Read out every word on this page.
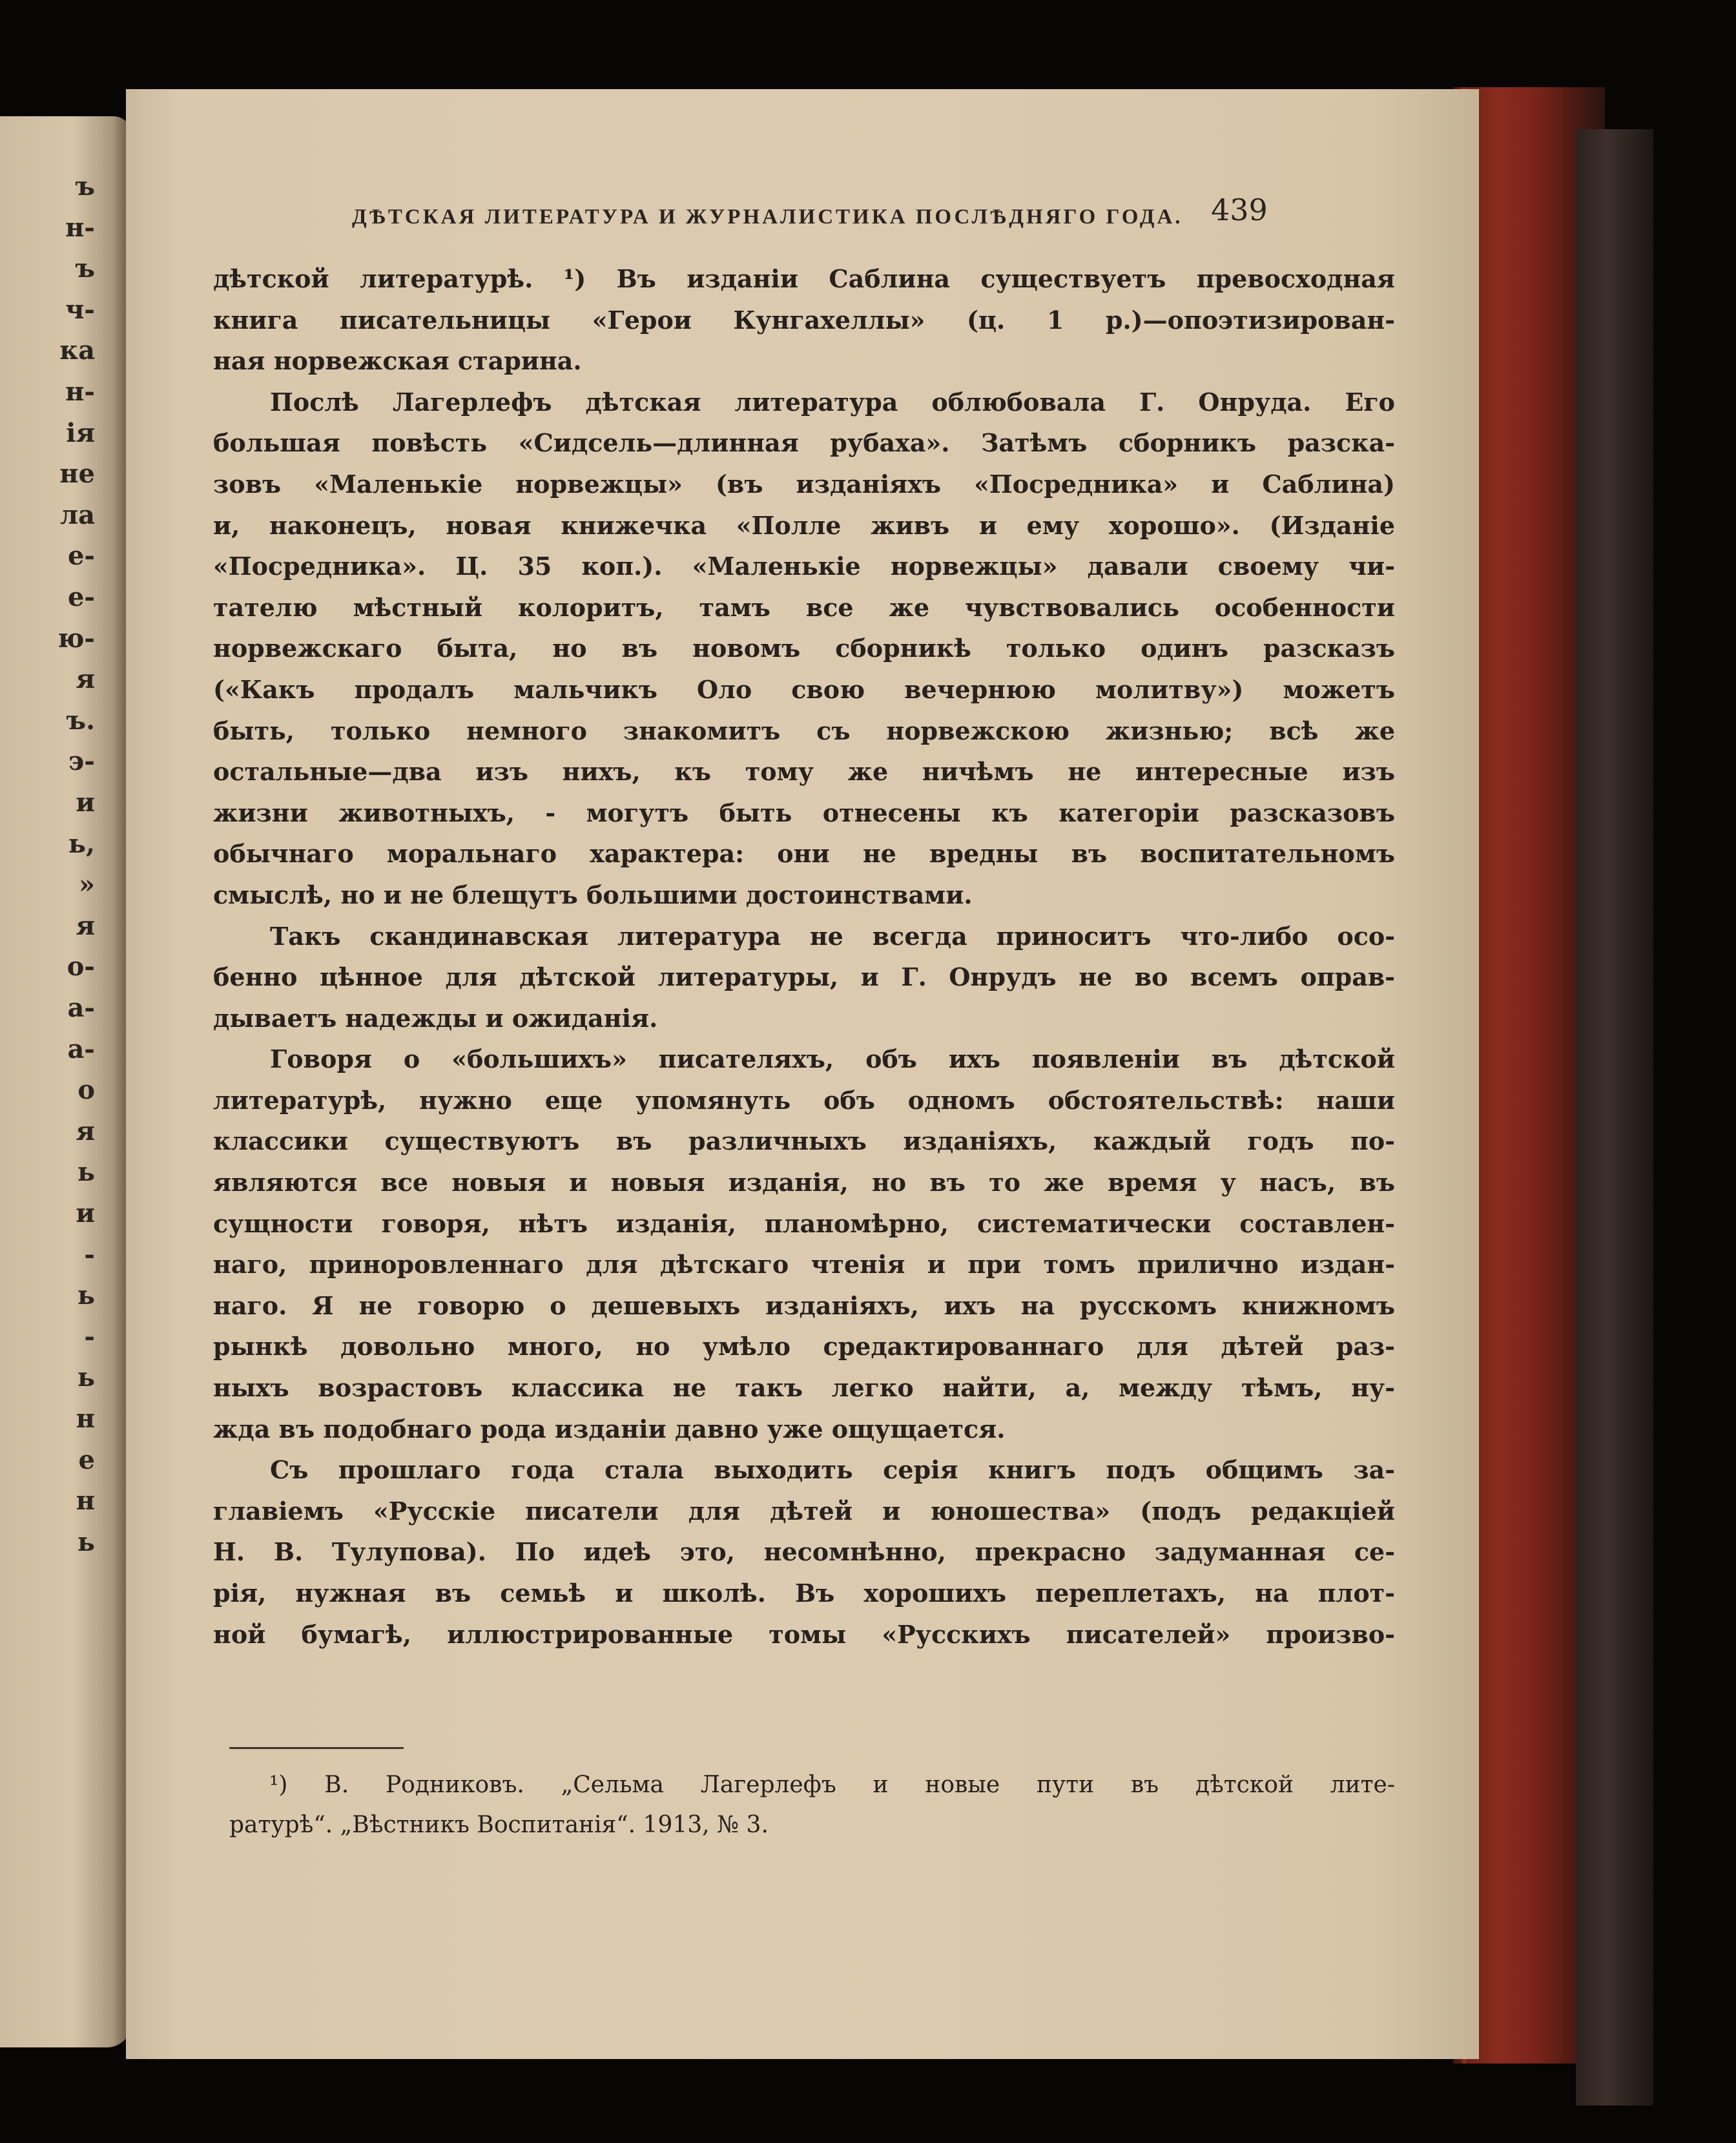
ъ

н-

ъ

ч-

ка

н-

ія

не

ла

е-

е-

ю-

я

ъ.

э-

и

ь,

»

я

о-

а-

а-

о

я

ь

и

-

ь

-

ь

н

е

н

ь

ДѢТСКАЯ ЛИТЕРАТУРА И ЖУРНАЛИСТИКА ПОСЛѢДНЯГО ГОДА. 439

дѣтской литературѣ. ¹) Въ изданіи Саблина существуетъ превосходная

книга писательницы «Герои Кунгахеллы» (ц. 1 р.)—опоэтизирован-

ная норвежская старина.

Послѣ Лагерлефъ дѣтская литература облюбовала Г. Онруда. Его

большая повѣсть «Сидсель—длинная рубаха». Затѣмъ сборникъ разска-

зовъ «Маленькіе норвежцы» (въ изданіяхъ «Посредника» и Саблина)

и, наконецъ, новая книжечка «Полле живъ и ему хорошо». (Изданіе

«Посредника». Ц. 35 коп.). «Маленькіе норвежцы» давали своему чи-

тателю мѣстный колоритъ, тамъ все же чувствовались особенности

норвежскаго быта, но въ новомъ сборникѣ только одинъ разсказъ

(«Какъ продалъ мальчикъ Оло свою вечернюю молитву») можетъ

быть, только немного знакомитъ съ норвежскою жизнью; всѣ же

остальные—два изъ нихъ, къ тому же ничѣмъ не интересные изъ

жизни животныхъ, - могутъ быть отнесены къ категоріи разсказовъ

обычнаго моральнаго характера: они не вредны въ воспитательномъ

смыслѣ, но и не блещутъ большими достоинствами.

Такъ скандинавская литература не всегда приноситъ что-либо осо-

бенно цѣнное для дѣтской литературы, и Г. Онрудъ не во всемъ оправ-

дываетъ надежды и ожиданія.

Говоря о «большихъ» писателяхъ, объ ихъ появленіи въ дѣтской

литературѣ, нужно еще упомянуть объ одномъ обстоятельствѣ: наши

классики существуютъ въ различныхъ изданіяхъ, каждый годъ по-

являются все новыя и новыя изданія, но въ то же время у насъ, въ

сущности говоря, нѣтъ изданія, планомѣрно, систематически составлен-

наго, приноровленнаго для дѣтскаго чтенія и при томъ прилично издан-

наго. Я не говорю о дешевыхъ изданіяхъ, ихъ на русскомъ книжномъ

рынкѣ довольно много, но умѣло средактированнаго для дѣтей раз-

ныхъ возрастовъ классика не такъ легко найти, а, между тѣмъ, ну-

жда въ подобнаго рода изданіи давно уже ощущается.

Съ прошлаго года стала выходить серія книгъ подъ общимъ за-

главіемъ «Русскіе писатели для дѣтей и юношества» (подъ редакціей

Н. В. Тулупова). По идеѣ это, несомнѣнно, прекрасно задуманная се-

рія, нужная въ семьѣ и школѣ. Въ хорошихъ переплетахъ, на плот-

ной бумагѣ, иллюстрированные томы «Русскихъ писателей» произво-

¹) В. Родниковъ. „Сельма Лагерлефъ и новые пути въ дѣтской лите-

ратурѣ“. „Вѣстникъ Воспитанія“. 1913, № 3.
